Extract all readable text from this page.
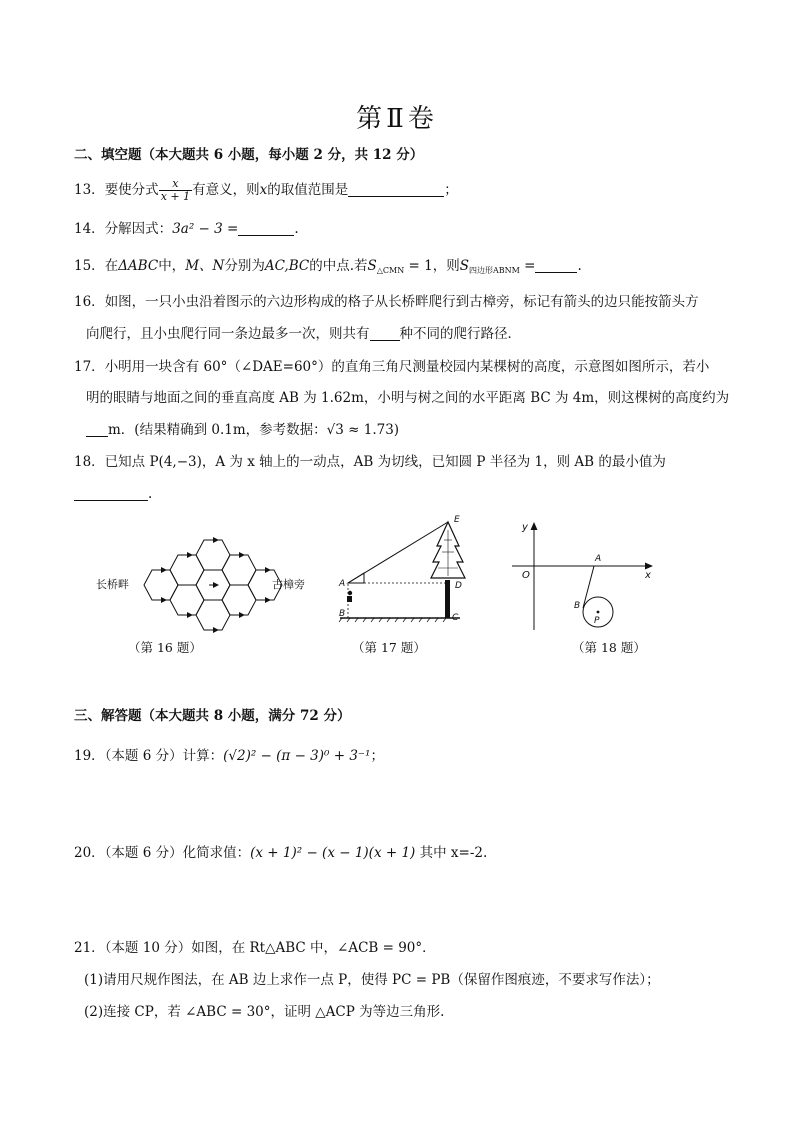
第Ⅱ卷
二、填空题（本大题共 6 小题，每小题 2 分，共 12 分）
13．要使分式 $\frac{x}{x + 1}$ 有意义，则x的取值范围是	；
14．分解因式：3a² − 3 =	.
15．在ΔABC中，M、N分别为AC,BC的中点.若$S_{\triangle CMN} = 1$，则$S_{四边形ABNM}$ =	.
16．如图，一只小虫沿着图示的六边形构成的格子从长桥畔爬行到古樟旁，标记有箭头的边只能按箭头方
向爬行，且小虫爬行同一条边最多一次，则共有 种不同的爬行路径．
17．小明用一块含有 60°（∠DAE=60°）的直角三角尺测量校园内某棵树的高度，示意图如图所示，若小
明的眼睛与地面之间的垂直高度 AB 为 1.62m，小明与树之间的水平距离 BC 为 4m，则这棵树的高度约为
m．(结果精确到 0.1m，参考数据：√3 ≈ 1.73)
18．已知点 P(4,−3)，A 为 x 轴上的一动点，AB 为切线，已知圆 P 半径为 1，则 AB 的最小值为
.
长桥畔	古樟旁
（第 16 题）
A
B	C
D
E
（第 17 题）
y
x
O
A
B
P
（第 18 题）
三、解答题（本大题共 8 小题，满分 72 分）
19．（本题 6 分）计算：(√2)² − (π − 3)⁰ + 3⁻¹；
20．（本题 6 分）化简求值：(x + 1)² − (x − 1)(x + 1) 其中 x=-2.
21．（本题 10 分）如图，在 Rt△ABC 中，∠ACB = 90°．
(1)请用尺规作图法，在 AB 边上求作一点 P，使得 PC = PB（保留作图痕迹，不要求写作法）；
(2)连接 CP，若 ∠ABC = 30°，证明 △ACP 为等边三角形.
